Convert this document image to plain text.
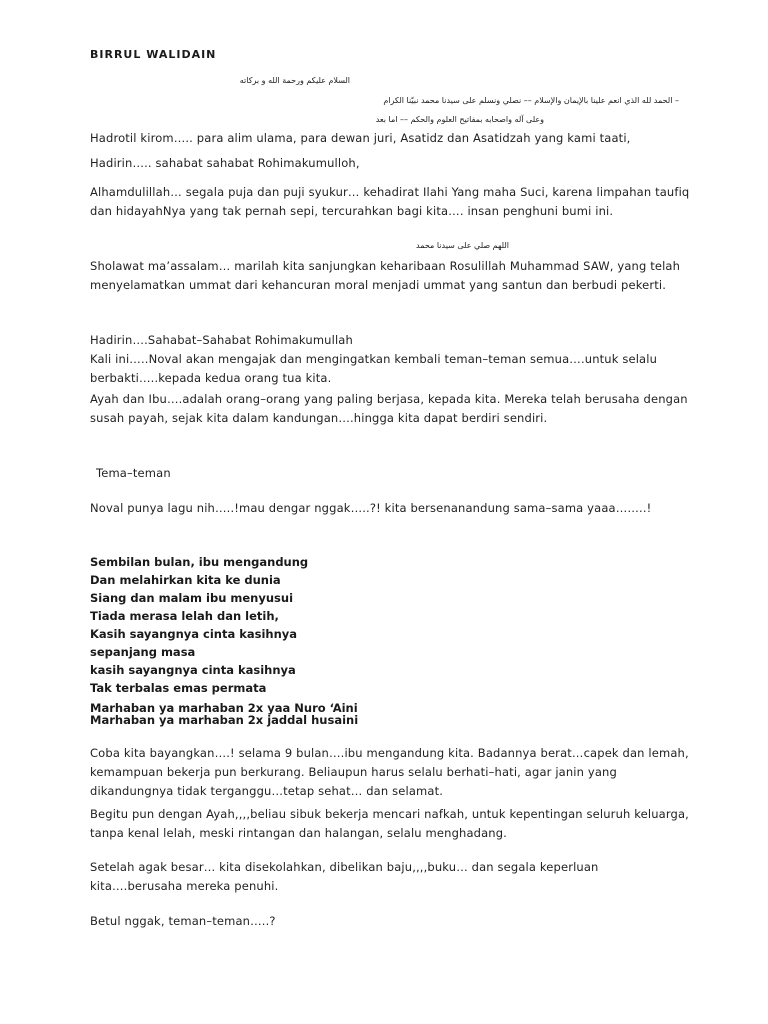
BIRRUL WALIDAIN
السلام عليكم ورحمة الله و بركاته
– الحمد لله الذي انعم علينا بالإيمان والإسلام –– نصلي ونسلم على سيدنا محمد نبيّنا الكرام
وعلى آله واصحابه بمفاتيح العلوم والحكم –– اما بعد

Hadrotil kirom….. para alim ulama, para dewan juri, Asatidz dan Asatidzah yang kami taati,

Hadirin….. sahabat sahabat Rohimakumulloh,

Alhamdulillah… segala puja dan puji syukur… kehadirat Ilahi Yang maha Suci, karena limpahan taufiq dan hidayahNya yang tak pernah sepi, tercurahkan bagi kita…. insan penghuni bumi ini.

اللهم صلي على سيدنا محمد

Sholawat ma’assalam… marilah kita sanjungkan keharibaan Rosulillah Muhammad SAW, yang telah menyelamatkan ummat dari kehancuran moral menjadi ummat yang santun dan berbudi pekerti.

Hadirin….Sahabat–Sahabat Rohimakumullah

Kali ini…..Noval akan mengajak dan mengingatkan kembali teman–teman semua….untuk selalu berbakti…..kepada kedua orang tua kita.

Ayah dan Ibu….adalah orang–orang yang paling berjasa, kepada kita. Mereka telah berusaha dengan susah payah, sejak kita dalam kandungan….hingga kita dapat berdiri sendiri.

Tema–teman

Noval punya lagu nih…..!mau dengar nggak…..?! kita bersenanandung sama–sama yaaa……..!

Sembilan bulan, ibu mengandung
Dan melahirkan kita ke dunia
Siang dan malam ibu menyusui
Tiada merasa lelah dan letih,
Kasih sayangnya cinta kasihnya
sepanjang masa
kasih sayangnya cinta kasihnya
Tak terbalas emas permata
Marhaban ya marhaban 2x yaa Nuro ‘Aini
Marhaban ya marhaban 2x jaddal husaini

Coba kita bayangkan….! selama 9 bulan….ibu mengandung kita. Badannya berat…capek dan lemah, kemampuan bekerja pun berkurang. Beliaupun harus selalu berhati–hati, agar janin yang dikandungnya tidak terganggu…tetap sehat… dan selamat.

Begitu pun dengan Ayah,,,,beliau sibuk bekerja mencari nafkah, untuk kepentingan seluruh keluarga, tanpa kenal lelah, meski rintangan dan halangan, selalu menghadang.

Setelah agak besar… kita disekolahkan, dibelikan baju,,,,buku… dan segala keperluan kita….berusaha mereka penuhi.

Betul nggak, teman–teman…..?
